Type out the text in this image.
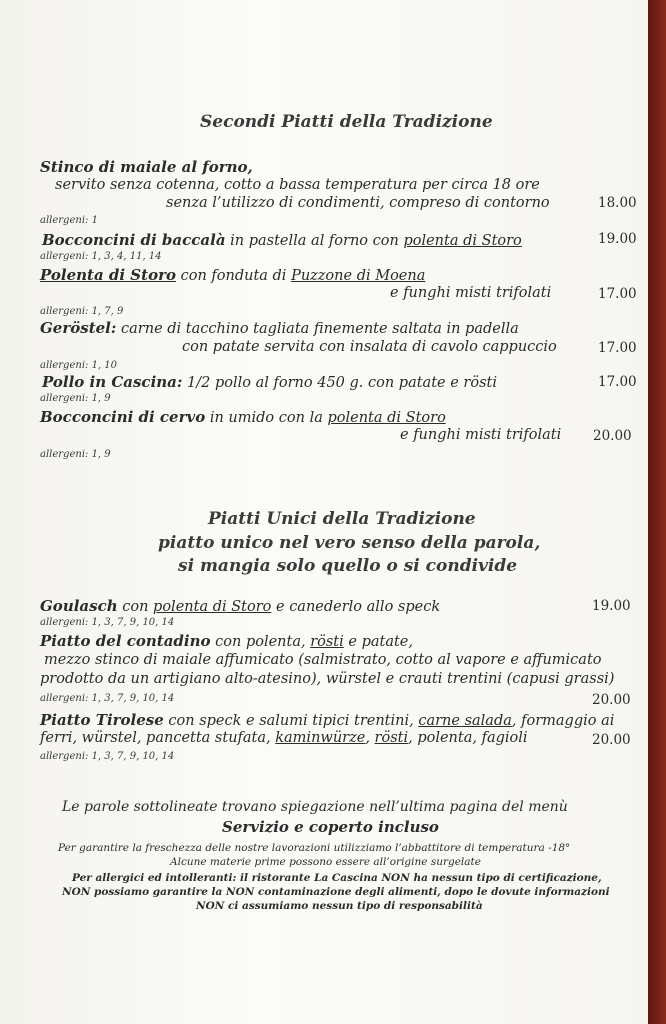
Secondi Piatti della Tradizione
Stinco di maiale al forno,
servito senza cotenna, cotto a bassa temperatura per circa 18 ore
senza l’utilizzo di condimenti, compreso di contorno	18.00
allergeni: 1
Bocconcini di baccalà in pastella al forno con polenta di Storo	19.00
allergeni: 1, 3, 4, 11, 14
Polenta di Storo con fonduta di Puzzone di Moena
e funghi misti trifolati	17.00
allergeni: 1, 7, 9
Geröstel: carne di tacchino tagliata finemente saltata in padella
con patate servita con insalata di cavolo cappuccio	17.00
allergeni: 1, 10
Pollo in Cascina: 1/2 pollo al forno 450 g. con patate e rösti	17.00
allergeni: 1, 9
Bocconcini di cervo in umido con la polenta di Storo
e funghi misti trifolati 20.00
allergeni: 1, 9
Piatti Unici della Tradizione
piatto unico nel vero senso della parola,
si mangia solo quello o si condivide
Goulasch con polenta di Storo e canederlo allo speck	19.00
allergeni: 1, 3, 7, 9, 10, 14
Piatto del contadino con polenta, rösti e patate,
mezzo stinco di maiale affumicato (salmistrato, cotto al vapore e affumicato
prodotto da un artigiano alto-atesino), würstel e crauti trentini (capusi grassi)
allergeni: 1, 3, 7, 9, 10, 14	20.00
Piatto Tirolese con speck e salumi tipici trentini, carne salada, formaggio ai
ferri, würstel, pancetta stufata, kaminwürze, rösti, polenta, fagioli	20.00
allergeni: 1, 3, 7, 9, 10, 14
Le parole sottolineate trovano spiegazione nell’ultima pagina del menù
Servizio e coperto incluso
Per garantire la freschezza delle nostre lavorazioni utilizziamo l’abbattitore di temperatura -18°
Alcune materie prime possono essere all’origine surgelate
Per allergici ed intolleranti: il ristorante La Cascina NON ha nessun tipo di certificazione,
NON possiamo garantire la NON contaminazione degli alimenti, dopo le dovute informazioni
NON ci assumiamo nessun tipo di responsabilità
